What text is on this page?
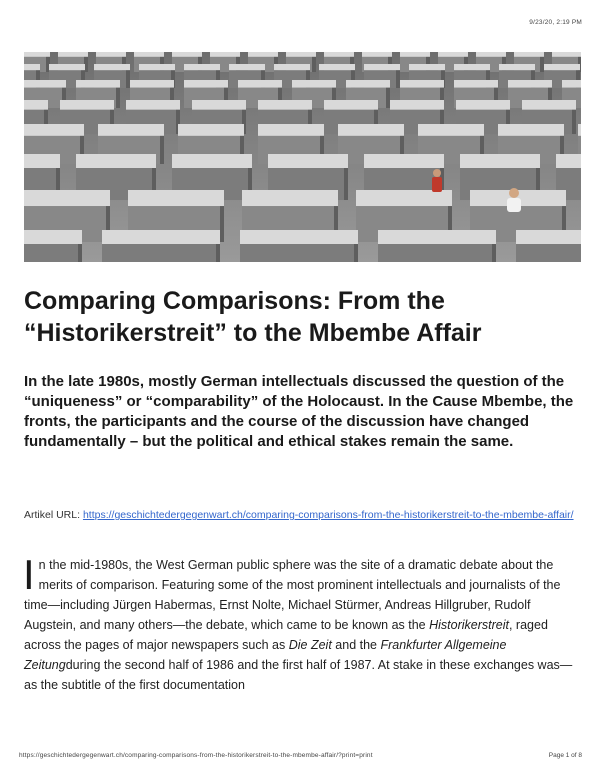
9/23/20, 2:19 PM
Comparing Comparisons: From the “Historikerstreit” to the Mbembe Affair

In the late 1980s, mostly German intellectuals discussed the question of the “uniqueness” or “comparability” of the Holocaust. In the Cause Mbembe, the fronts, the participants and the course of the discussion have changed fundamentally – but the political and ethical stakes remain the same.

Artikel URL: https://geschichtedergegenwart.ch/comparing-comparisons-from-the-historikerstreit-to-the-mbembe-affair/

In the mid-1980s, the West German public sphere was the site of a dramatic debate about the merits of comparison. Featuring some of the most prominent intellectuals and journalists of the time—including Jürgen Habermas, Ernst Nolte, Michael Stürmer, Andreas Hillgruber, Rudolf Augstein, and many others—the debate, which came to be known as the Historikerstreit, raged across the pages of major newspapers such as Die Zeit and the Frankfurter Allgemeine Zeitungduring the second half of 1986 and the first half of 1987. At stake in these exchanges was—as the subtitle of the first documentation

https://geschichtedergegenwart.ch/comparing-comparisons-from-the-historikerstreit-to-the-mbembe-affair/?print=print	Page 1 of 8
